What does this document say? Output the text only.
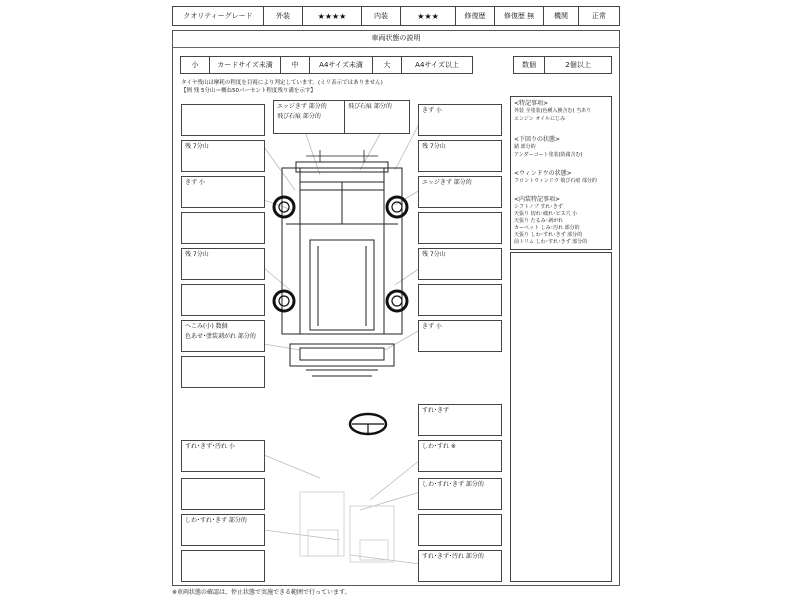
クオリティーグレード	外装	★★★★	内装	★★★	修復歴	修復歴 無	機関	正常
車両状態の説明
小	カードサイズ未満	中	A4サイズ未満	大	A4サイズ以上	数個	2個以上
タイヤ残山は摩耗の程度を目視により判定しています。(ミリ表示ではありません)
【例 残 5分山＝概ね50パーセント程度残り溝を示す】
残 7分山
きず 小
残 7分山
へこみ(小) 数個
色あせ･塗装剥がれ 部分的
エッジきず 部分的
飛び石痕 部分的
飛び石痕 部分的
きず 小
残 7分山
エッジきず 部分的
残 7分山
きず 小
すれ･きず
すれ･きず･汚れ 小	しわ･すれ ※
しわ･すれ･きず 部分的
しわ･すれ･きず 部分的
すれ･きず･汚れ 部分的
<特記事項>
外装 全塗装(色種入換含む) 当あり
エンジン オイルにじみ
<下回りの状態>
錆 部分的
アンダーコート塗装(防錆含む)
<ウィンドウの状態>
フロントウィンドウ 飛び石痕 部分的
<内装特記事項>
シフトノブ すれ･きず
天張り 切れ･破れ･ピス穴 小
天張り たるみ･剥がれ
カーペット しみ･汚れ 部分的
天張り しわ･すれ･きず 部分的
前トリム しわ･すれ･きず 部分的
※車両状態の確認は、停止状態で実施できる範囲で行っています。
